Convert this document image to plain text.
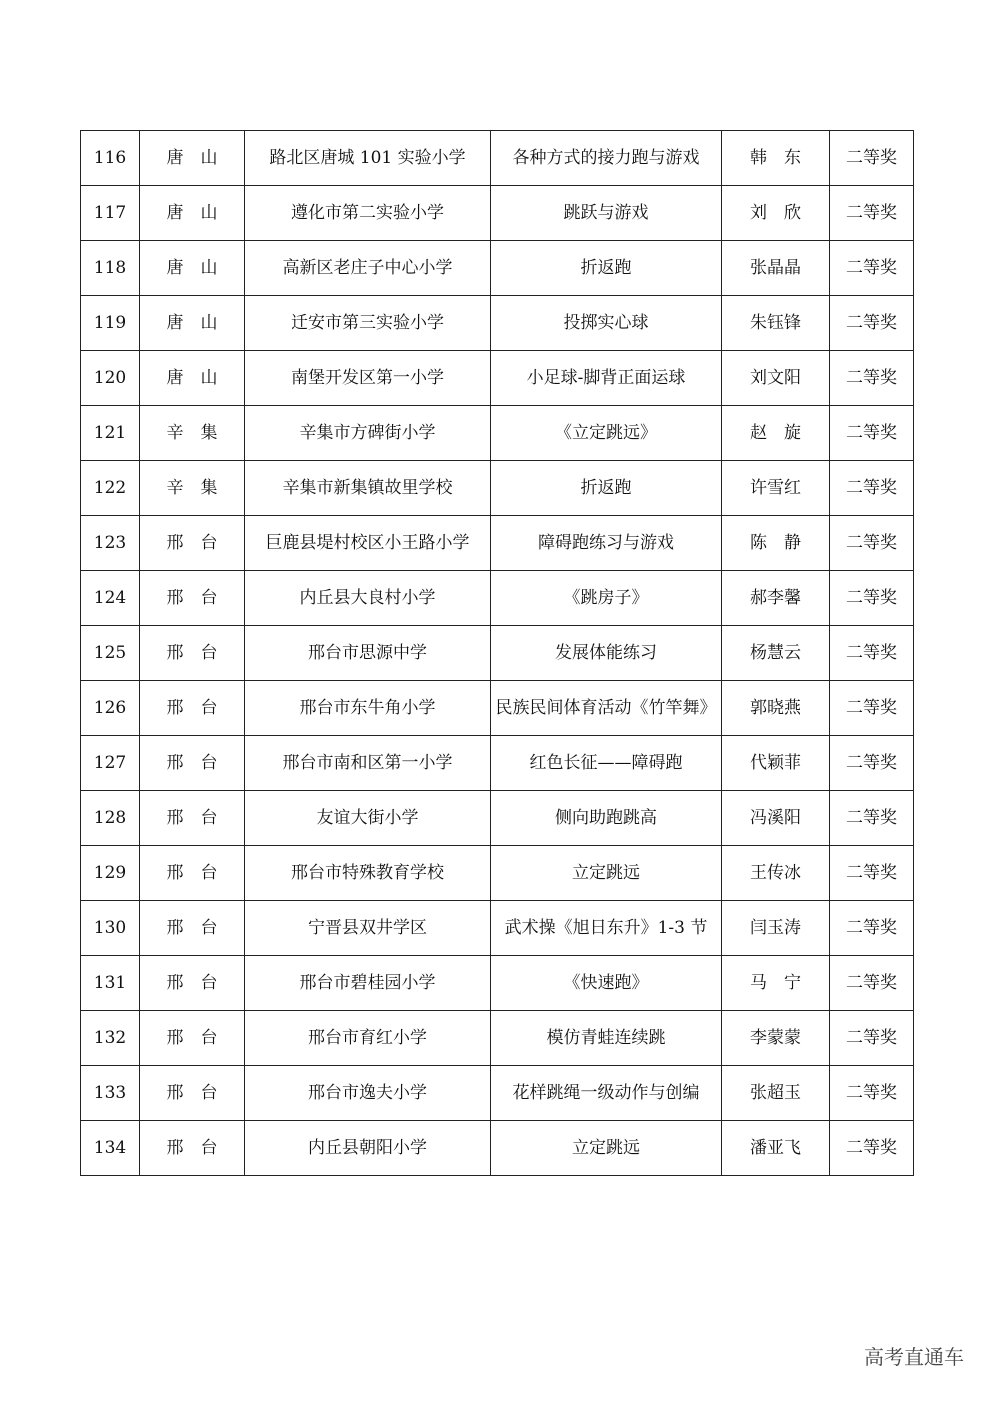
116	唐　山	路北区唐城 101 实验小学	各种方式的接力跑与游戏	韩　东	二等奖
117	唐　山	遵化市第二实验小学	跳跃与游戏	刘　欣	二等奖
118	唐　山	高新区老庄子中心小学	折返跑	张晶晶	二等奖
119	唐　山	迁安市第三实验小学	投掷实心球	朱钰锋	二等奖
120	唐　山	南堡开发区第一小学	小足球-脚背正面运球	刘文阳	二等奖
121	辛　集	辛集市方碑街小学	《立定跳远》	赵　旋	二等奖
122	辛　集	辛集市新集镇故里学校	折返跑	许雪红	二等奖
123	邢　台	巨鹿县堤村校区小王路小学	障碍跑练习与游戏	陈　静	二等奖
124	邢　台	内丘县大良村小学	《跳房子》	郝李馨	二等奖
125	邢　台	邢台市思源中学	发展体能练习	杨慧云	二等奖
126	邢　台	邢台市东牛角小学	民族民间体育活动《竹竿舞》	郭晓燕	二等奖
127	邢　台	邢台市南和区第一小学	红色长征——障碍跑	代颖菲	二等奖
128	邢　台	友谊大街小学	侧向助跑跳高	冯溪阳	二等奖
129	邢　台	邢台市特殊教育学校	立定跳远	王传冰	二等奖
130	邢　台	宁晋县双井学区	武术操《旭日东升》1-3 节	闫玉涛	二等奖
131	邢　台	邢台市碧桂园小学	《快速跑》	马　宁	二等奖
132	邢　台	邢台市育红小学	模仿青蛙连续跳	李蒙蒙	二等奖
133	邢　台	邢台市逸夫小学	花样跳绳一级动作与创编	张超玉	二等奖
134	邢　台	内丘县朝阳小学	立定跳远	潘亚飞	二等奖
高考直通车
